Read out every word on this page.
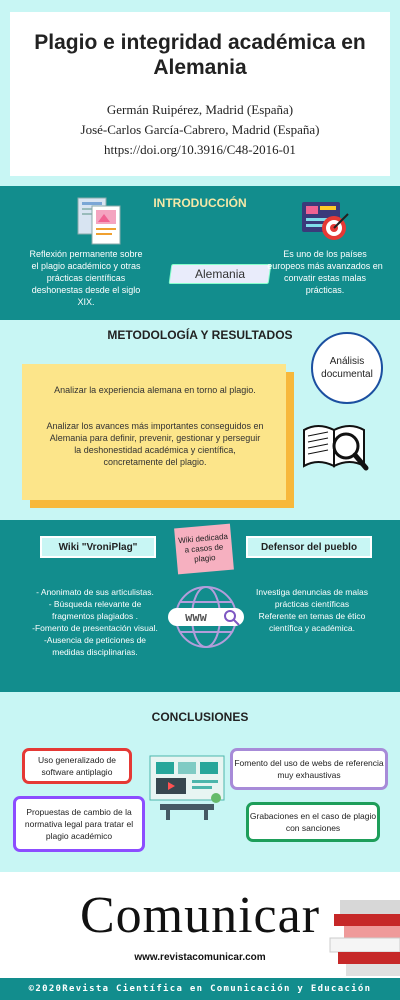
Plagio e integridad académica en Alemania
Germán Ruipérez, Madrid (España)
José-Carlos García-Cabrero, Madrid (España)
https://doi.org/10.3916/C48-2016-01
INTRODUCCIÓN
Reflexión permanente sobre el plagio académico y otras prácticas científicas deshonestas desde el siglo XIX.
Alemania
Es uno de los países europeos más avanzados en convatir estas malas prácticas.
METODOLOGÍA Y RESULTADOS
Analizar la experiencia alemana en torno al plagio.
Analizar los avances más importantes conseguidos en Alemania para definir, prevenir, gestionar y perseguir la deshonestidad académica y científica, concretamente del plagio.
Análisis documental
Wiki "VroniPlag"
Wiki dedicada a casos de plagio
Defensor del pueblo
- Anonimato de sus articulistas.
- Búsqueda relevante de fragmentos plagiados .
-Fomento de presentación visual.
-Ausencia de peticiones de medidas disciplinarias.
www
Investiga denuncias de malas prácticas científicas
Referente en temas de ético científica y académica.
CONCLUSIONES
Uso generalizado de software antiplagio
Propuestas de cambio de la normativa legal para tratar el plagio académico
Fomento del uso de webs de referencia muy exhaustivas
Grabaciones en el caso de plagio con sanciones
Comunicar
www.revistacomunicar.com
©2020Revista Científica en Comunicación y Educación
